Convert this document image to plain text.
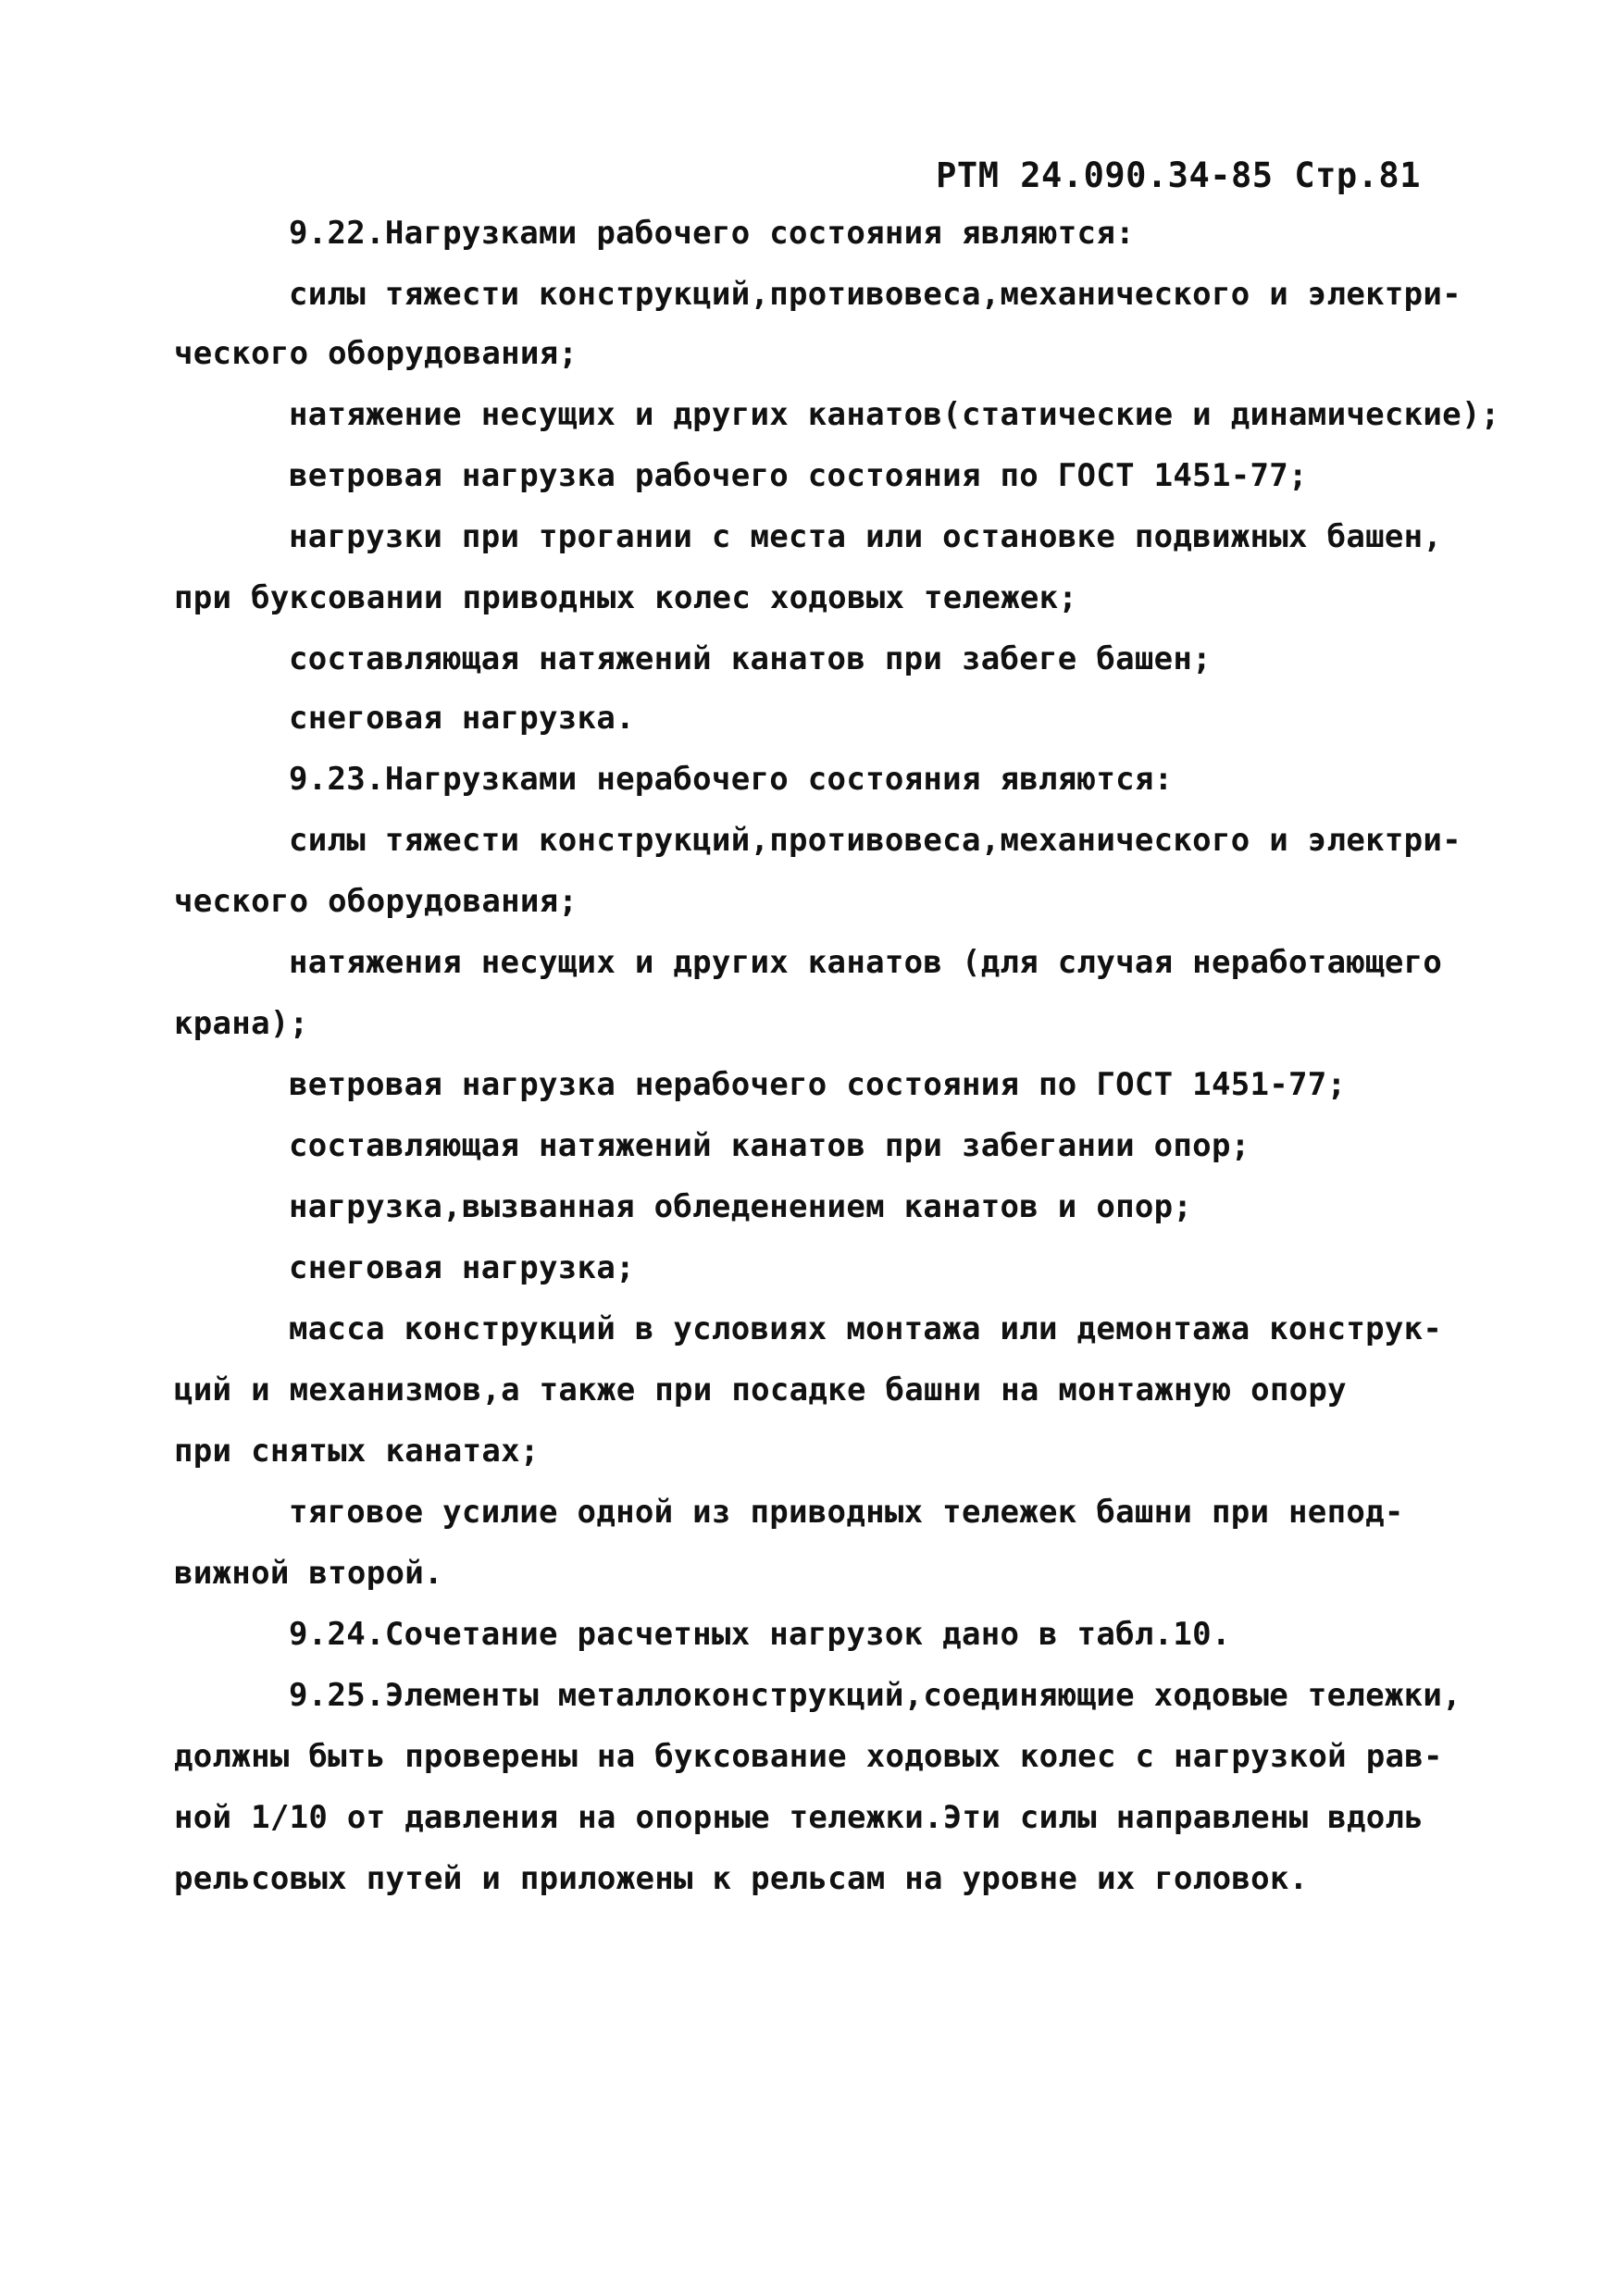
РТМ 24.090.34-85 Стр.81
9.22.Нагрузками рабочего состояния являются:
силы тяжести конструкций,противовеса,механического и электри-
ческого оборудования;
натяжение несущих и других канатов(статические и динамические);
ветровая нагрузка рабочего состояния по ГОСТ 1451-77;
нагрузки при трогании с места или остановке подвижных башен,
при буксовании приводных колес ходовых тележек;
составляющая натяжений канатов при забеге башен;
снеговая нагрузка.
9.23.Нагрузками нерабочего состояния являются:
силы тяжести конструкций,противовеса,механического и электри-
ческого оборудования;
натяжения несущих и других канатов (для случая неработающего
крана);
ветровая нагрузка нерабочего состояния по ГОСТ 1451-77;
составляющая натяжений канатов при забегании опор;
нагрузка,вызванная обледенением канатов и опор;
снеговая нагрузка;
масса конструкций в условиях монтажа или демонтажа конструк-
ций и механизмов,а также при посадке башни на монтажную опору
при снятых канатах;
тяговое усилие одной из приводных тележек башни при непод-
вижной второй.
9.24.Сочетание расчетных нагрузок дано в табл.10.
9.25.Элементы металлоконструкций,соединяющие ходовые тележки,
должны быть проверены на буксование ходовых колес с нагрузкой рав-
ной 1/10 от давления на опорные тележки.Эти силы направлены вдоль
рельсовых путей и приложены к рельсам на уровне их головок.
